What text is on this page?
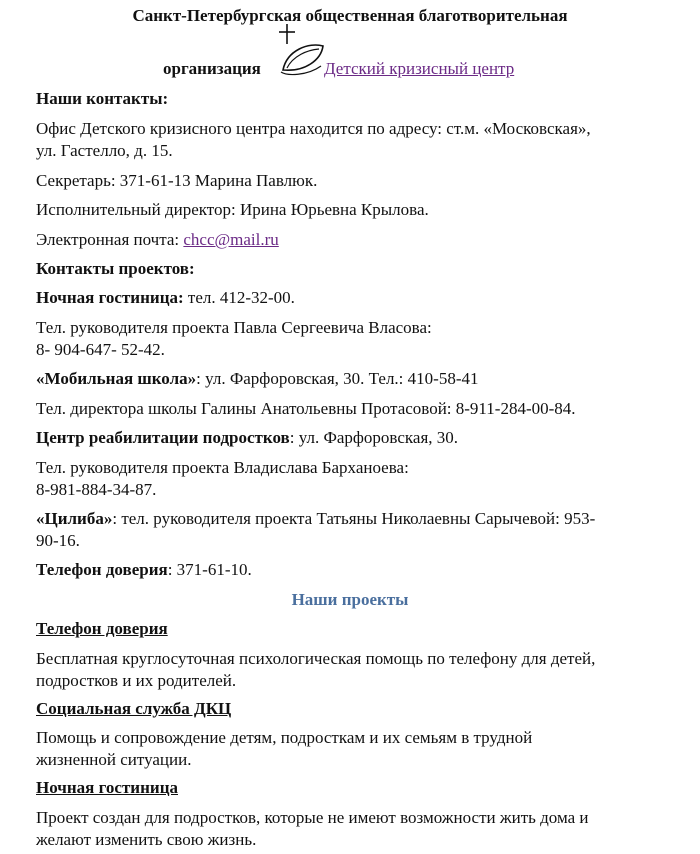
Санкт-Петербургская общественная благотворительная
организация	Детский кризисный центр

Наши контакты:

Офис Детского кризисного центра находится по адресу: ст.м. «Московская»,

ул. Гастелло, д. 15.

Секретарь: 371-61-13 Марина Павлюк.

Исполнительный директор: Ирина Юрьевна Крылова.

Электронная почта: chcc@mail.ru

Контакты проектов:

Ночная гостиница: тел. 412-32-00.

Тел. руководителя проекта Павла Сергеевича Власова:

8- 904-647- 52-42.

«Мобильная школа»: ул. Фарфоровская, 30. Тел.: 410-58-41

Тел. директора школы Галины Анатольевны Протасовой: 8-911-284-00-84.

Центр реабилитации подростков: ул. Фарфоровская, 30.

Тел. руководителя проекта Владислава Барханоева:

8-981-884-34-87.

«Цилиба»: тел. руководителя проекта Татьяны Николаевны Сарычевой: 953-

90-16.

Телефон доверия: 371-61-10.

Наши проекты

Телефон доверия

Бесплатная круглосуточная психологическая помощь по телефону для детей,

подростков и их родителей.

Социальная служба ДКЦ

Помощь и сопровождение детям, подросткам и их семьям в трудной

жизненной ситуации.

Ночная гостиница

Проект создан для подростков, которые не имеют возможности жить дома и

желают изменить свою жизнь.
